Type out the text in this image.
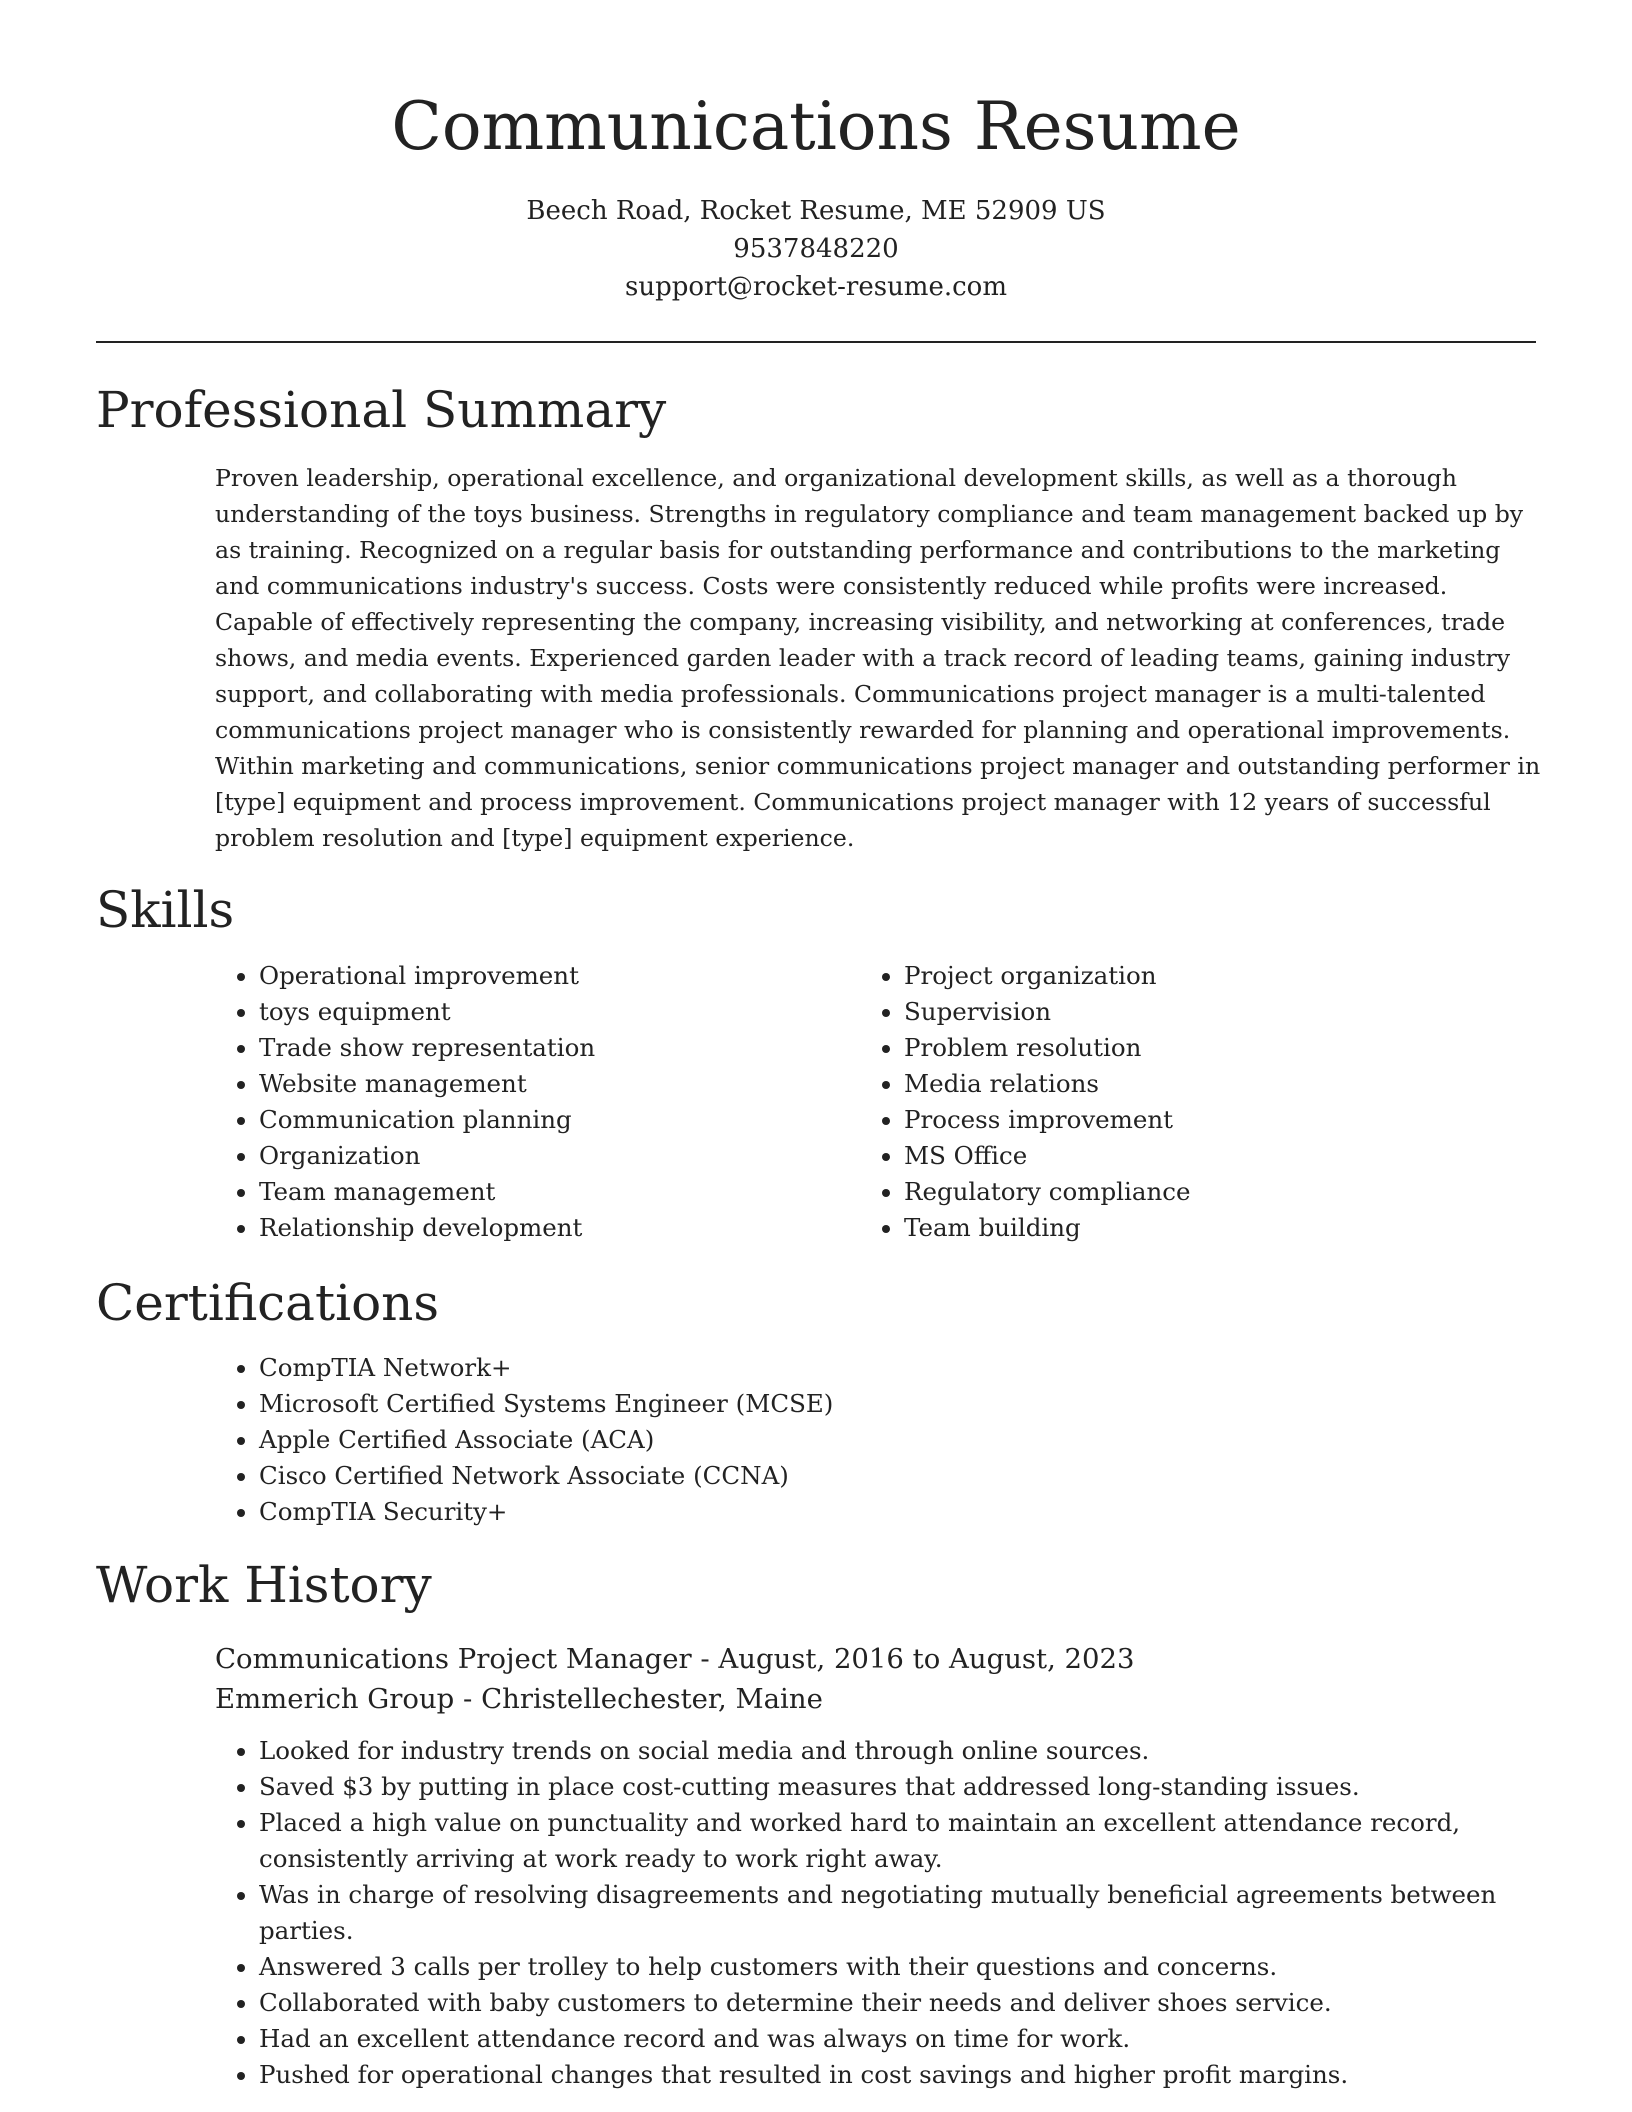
Communications Resume

Beech Road, Rocket Resume, ME 52909 US

9537848220

support@rocket-resume.com

Professional Summary

Proven leadership, operational excellence, and organizational development skills, as well as a thorough understanding of the toys business. Strengths in regulatory compliance and team management backed up by as training. Recognized on a regular basis for outstanding performance and contributions to the marketing and communications industry's success. Costs were consistently reduced while profits were increased. Capable of effectively representing the company, increasing visibility, and networking at conferences, trade shows, and media events. Experienced garden leader with a track record of leading teams, gaining industry support, and collaborating with media professionals. Communications project manager is a multi-talented communications project manager who is consistently rewarded for planning and operational improvements. Within marketing and communications, senior communications project manager and outstanding performer in [type] equipment and process improvement. Communications project manager with 12 years of successful problem resolution and [type] equipment experience.

Skills
• Operational improvement
• toys equipment
• Trade show representation
• Website management
• Communication planning
• Organization
• Team management
• Relationship development
• Project organization
• Supervision
• Problem resolution
• Media relations
• Process improvement
• MS Office
• Regulatory compliance
• Team building
Certifications
• CompTIA Network+
• Microsoft Certified Systems Engineer (MCSE)
• Apple Certified Associate (ACA)
• Cisco Certified Network Associate (CCNA)
• CompTIA Security+
Work History

Communications Project Manager - August, 2016 to August, 2023

Emmerich Group - Christellechester, Maine

• Looked for industry trends on social media and through online sources.
• Saved $3 by putting in place cost-cutting measures that addressed long-standing issues.
• Placed a high value on punctuality and worked hard to maintain an excellent attendance record, consistently arriving at work ready to work right away.
• Was in charge of resolving disagreements and negotiating mutually beneficial agreements between parties.
• Answered 3 calls per trolley to help customers with their questions and concerns.
• Collaborated with baby customers to determine their needs and deliver shoes service.
• Had an excellent attendance record and was always on time for work.
• Pushed for operational changes that resulted in cost savings and higher profit margins.
